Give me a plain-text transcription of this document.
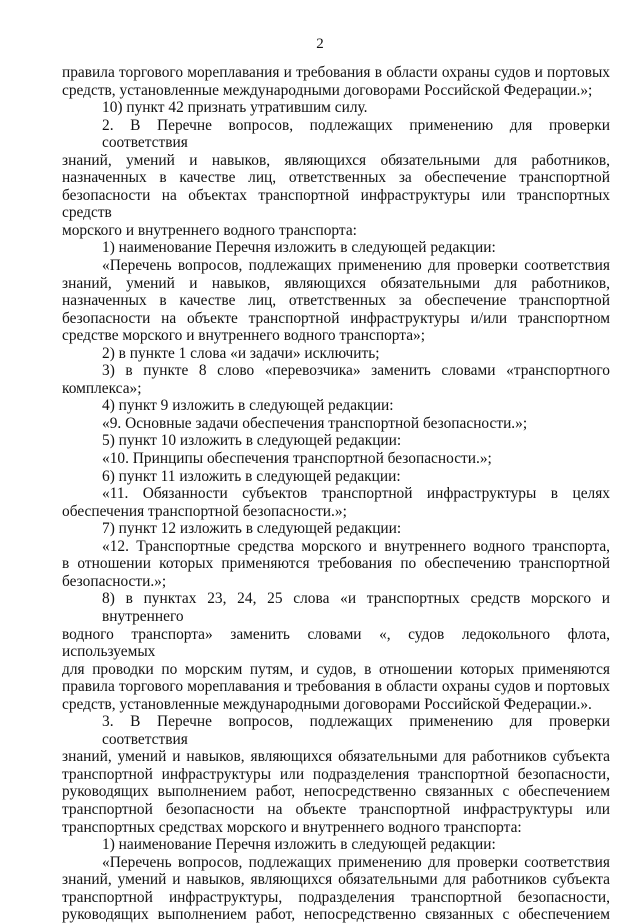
2
правила торгового мореплавания и требования в области охраны судов и портовых
средств, установленные международными договорами Российской Федерации.»;
10) пункт 42 признать утратившим силу.
2. В Перечне вопросов, подлежащих применению для проверки соответствия
знаний, умений и навыков, являющихся обязательными для работников,
назначенных в качестве лиц, ответственных за обеспечение транспортной
безопасности на объектах транспортной инфраструктуры или транспортных средств
морского и внутреннего водного транспорта:
1) наименование Перечня изложить в следующей редакции:
«Перечень вопросов, подлежащих применению для проверки соответствия
знаний, умений и навыков, являющихся обязательными для работников,
назначенных в качестве лиц, ответственных за обеспечение транспортной
безопасности на объекте транспортной инфраструктуры и/или транспортном
средстве морского и внутреннего водного транспорта»;
2) в пункте 1 слова «и задачи» исключить;
3) в пункте 8 слово «перевозчика» заменить словами «транспортного
комплекса»;
4) пункт 9 изложить в следующей редакции:
«9. Основные задачи обеспечения транспортной безопасности.»;
5) пункт 10 изложить в следующей редакции:
«10. Принципы обеспечения транспортной безопасности.»;
6) пункт 11 изложить в следующей редакции:
«11. Обязанности субъектов транспортной инфраструктуры в целях
обеспечения транспортной безопасности.»;
7) пункт 12 изложить в следующей редакции:
«12. Транспортные средства морского и внутреннего водного транспорта,
в отношении которых применяются требования по обеспечению транспортной
безопасности.»;
8) в пунктах 23, 24, 25 слова «и транспортных средств морского и внутреннего
водного транспорта» заменить словами «, судов ледокольного флота, используемых
для проводки по морским путям, и судов, в отношении которых применяются
правила торгового мореплавания и требования в области охраны судов и портовых
средств, установленные международными договорами Российской Федерации.».
3. В Перечне вопросов, подлежащих применению для проверки соответствия
знаний, умений и навыков, являющихся обязательными для работников субъекта
транспортной инфраструктуры или подразделения транспортной безопасности,
руководящих выполнением работ, непосредственно связанных с обеспечением
транспортной безопасности на объекте транспортной инфраструктуры или
транспортных средствах морского и внутреннего водного транспорта:
1) наименование Перечня изложить в следующей редакции:
«Перечень вопросов, подлежащих применению для проверки соответствия
знаний, умений и навыков, являющихся обязательными для работников субъекта
транспортной инфраструктуры, подразделения транспортной безопасности,
руководящих выполнением работ, непосредственно связанных с обеспечением
